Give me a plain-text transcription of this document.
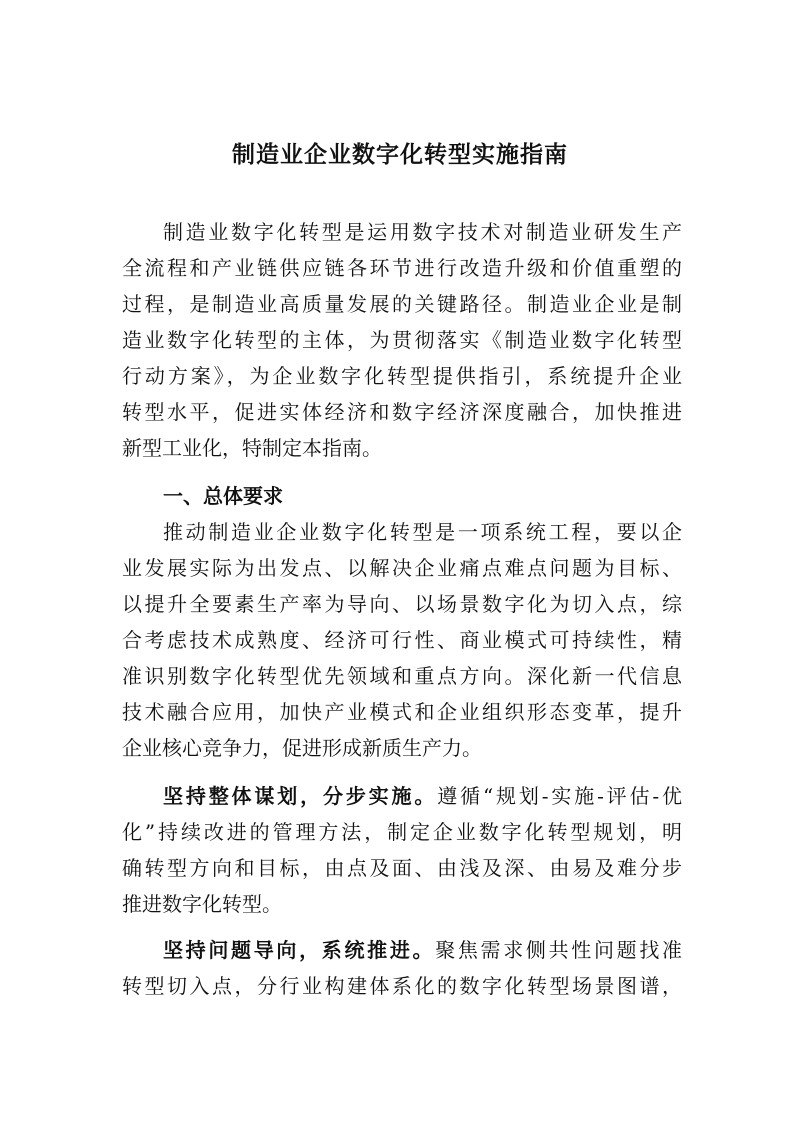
制造业企业数字化转型实施指南

制造业数字化转型是运用数字技术对制造业研发生产

全流程和产业链供应链各环节进行改造升级和价值重塑的

过程，是制造业高质量发展的关键路径。制造业企业是制

造业数字化转型的主体，为贯彻落实《制造业数字化转型

行动方案》，为企业数字化转型提供指引，系统提升企业

转型水平，促进实体经济和数字经济深度融合，加快推进

新型工业化，特制定本指南。

一、总体要求

推动制造业企业数字化转型是一项系统工程，要以企

业发展实际为出发点、以解决企业痛点难点问题为目标、

以提升全要素生产率为导向、以场景数字化为切入点，综

合考虑技术成熟度、经济可行性、商业模式可持续性，精

准识别数字化转型优先领域和重点方向。深化新一代信息

技术融合应用，加快产业模式和企业组织形态变革，提升

企业核心竞争力，促进形成新质生产力。

坚持整体谋划，分步实施。遵循“规划-实施-评估-优

化”持续改进的管理方法，制定企业数字化转型规划，明

确转型方向和目标，由点及面、由浅及深、由易及难分步

推进数字化转型。

坚持问题导向，系统推进。聚焦需求侧共性问题找准

转型切入点，分行业构建体系化的数字化转型场景图谱，
